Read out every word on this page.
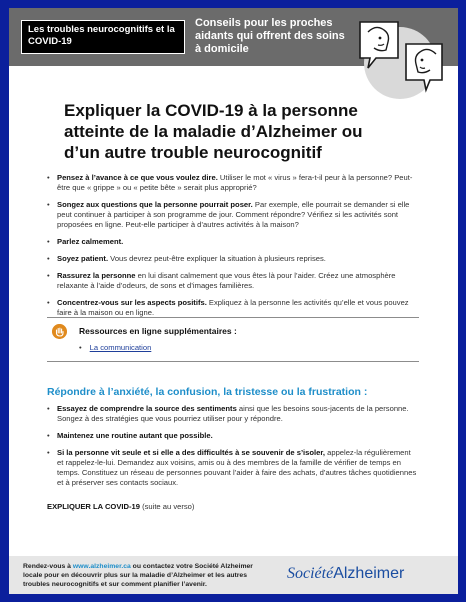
Les troubles neurocognitifs et la COVID-19
Conseils pour les proches aidants qui offrent des soins à domicile
Expliquer la COVID-19 à la personne atteinte de la maladie d’Alzheimer ou d’un autre trouble neurocognitif
• Pensez à l’avance à ce que vous voulez dire. Utiliser le mot « virus » fera-t-il peur à la personne? Peut-être que « grippe » ou « petite bête » serait plus approprié?
• Songez aux questions que la personne pourrait poser. Par exemple, elle pourrait se demander si elle peut continuer à participer à son programme de jour. Comment répondre? Vérifiez si les activités sont proposées en ligne. Peut-elle participer à d’autres activités à la maison?
• Parlez calmement.
• Soyez patient. Vous devrez peut-être expliquer la situation à plusieurs reprises.
• Rassurez la personne en lui disant calmement que vous êtes là pour l’aider. Créez une atmosphère relaxante à l’aide d’odeurs, de sons et d’images familières.
• Concentrez-vous sur les aspects positifs. Expliquez à la personne les activités qu’elle et vous pouvez faire à la maison ou en ligne.
Ressources en ligne supplémentaires :
• La communication
Répondre à l’anxiété, la confusion, la tristesse ou la frustration :
• Essayez de comprendre la source des sentiments ainsi que les besoins sous-jacents de la personne. Songez à des stratégies que vous pourriez utiliser pour y répondre.
• Maintenez une routine autant que possible.
• Si la personne vit seule et si elle a des difficultés à se souvenir de s’isoler, appelez-la régulièrement et rappelez-le-lui. Demandez aux voisins, amis ou à des membres de la famille de vérifier de temps en temps. Constituez un réseau de personnes pouvant l’aider à faire des achats, d’autres tâches quotidiennes et à préserver ses contacts sociaux.
EXPLIQUER LA COVID-19 (suite au verso)
Rendez-vous à www.alzheimer.ca ou contactez votre Société Alzheimer locale pour en découvrir plus sur la maladie d’Alzheimer et les autres troubles neurocognitifs et sur comment planifier l’avenir.
SociétéAlzheimer
